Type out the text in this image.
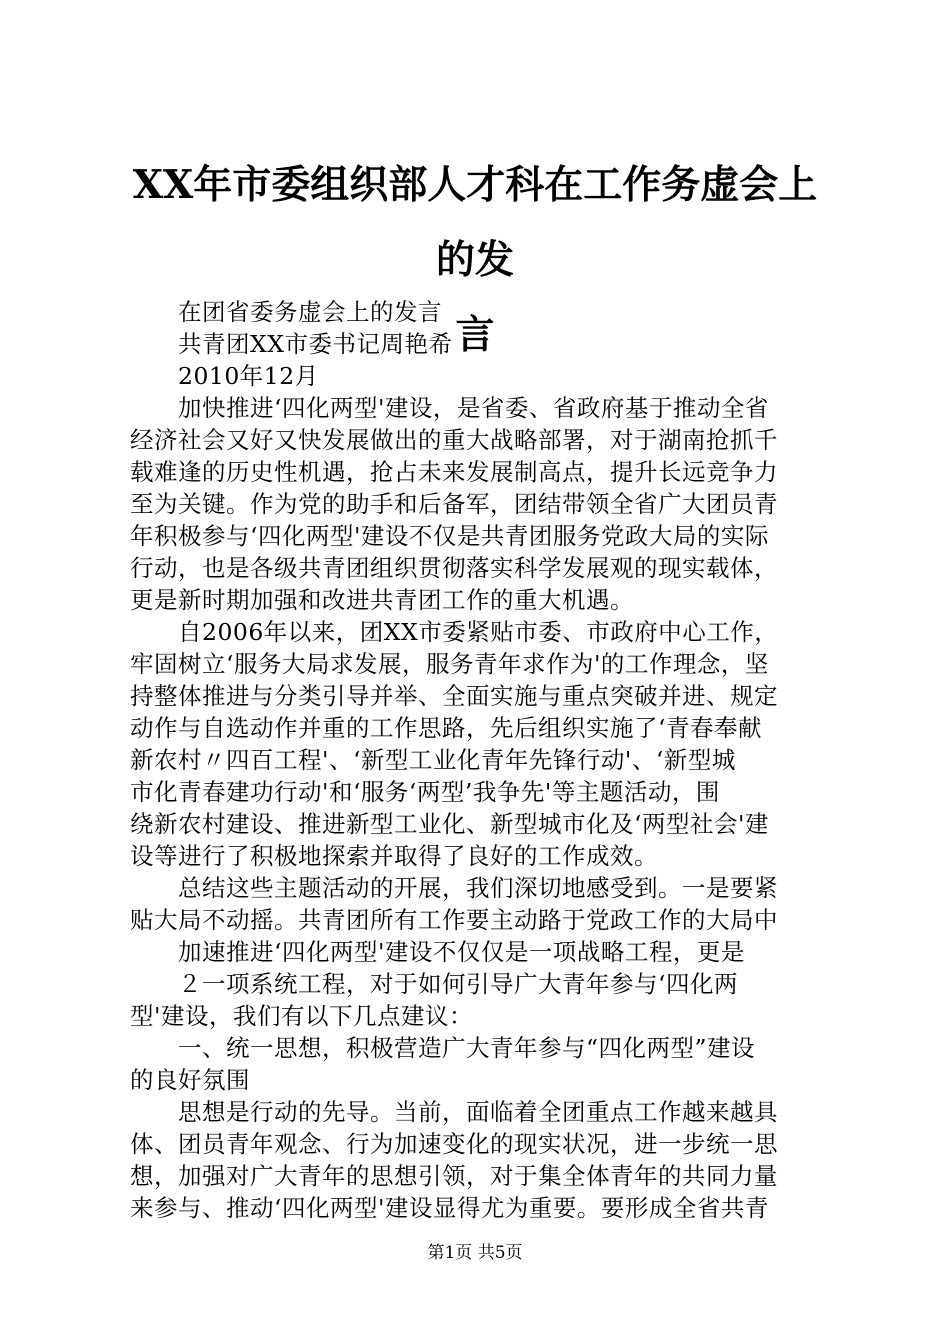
XX年市委组织部人才科在工作务虚会上的发
言
在团省委务虚会上的发言
共青团XX市委书记周艳希
2010年12月
加快推进‘四化两型'建设，是省委、省政府基于推动全省
经济社会又好又快发展做出的重大战略部署，对于湖南抢抓千
载难逢的历史性机遇，抢占未来发展制高点，提升长远竞争力
至为关键。作为党的助手和后备军，团结带领全省广大团员青
年积极参与‘四化两型'建设不仅是共青团服务党政大局的实际
行动，也是各级共青团组织贯彻落实科学发展观的现实载体，
更是新时期加强和改进共青团工作的重大机遇。
自2006年以来，团XX市委紧贴市委、市政府中心工作，
牢固树立‘服务大局求发展，服务青年求作为'的工作理念，坚
持整体推进与分类引导并举、全面实施与重点突破并进、规定
动作与自选动作并重的工作思路，先后组织实施了‘青春奉献
新农村〃四百工程'、‘新型工业化青年先锋行动'、‘新型城
市化青春建功行动'和‘服务‘两型’我争先'等主题活动，围
绕新农村建设、推进新型工业化、新型城市化及‘两型社会'建
设等进行了积极地探索并取得了良好的工作成效。
总结这些主题活动的开展，我们深切地感受到。一是要紧
贴大局不动摇。共青团所有工作要主动路于党政工作的大局中
加速推进‘四化两型'建设不仅仅是一项战略工程，更是
２一项系统工程，对于如何引导广大青年参与‘四化两
型'建设，我们有以下几点建议：
一、统一思想，积极营造广大青年参与“四化两型”建设
的良好氛围
思想是行动的先导。当前，面临着全团重点工作越来越具
体、团员青年观念、行为加速变化的现实状况，进一步统一思
想，加强对广大青年的思想引领，对于集全体青年的共同力量
来参与、推动‘四化两型'建设显得尤为重要。要形成全省共青
第1页 共5页
